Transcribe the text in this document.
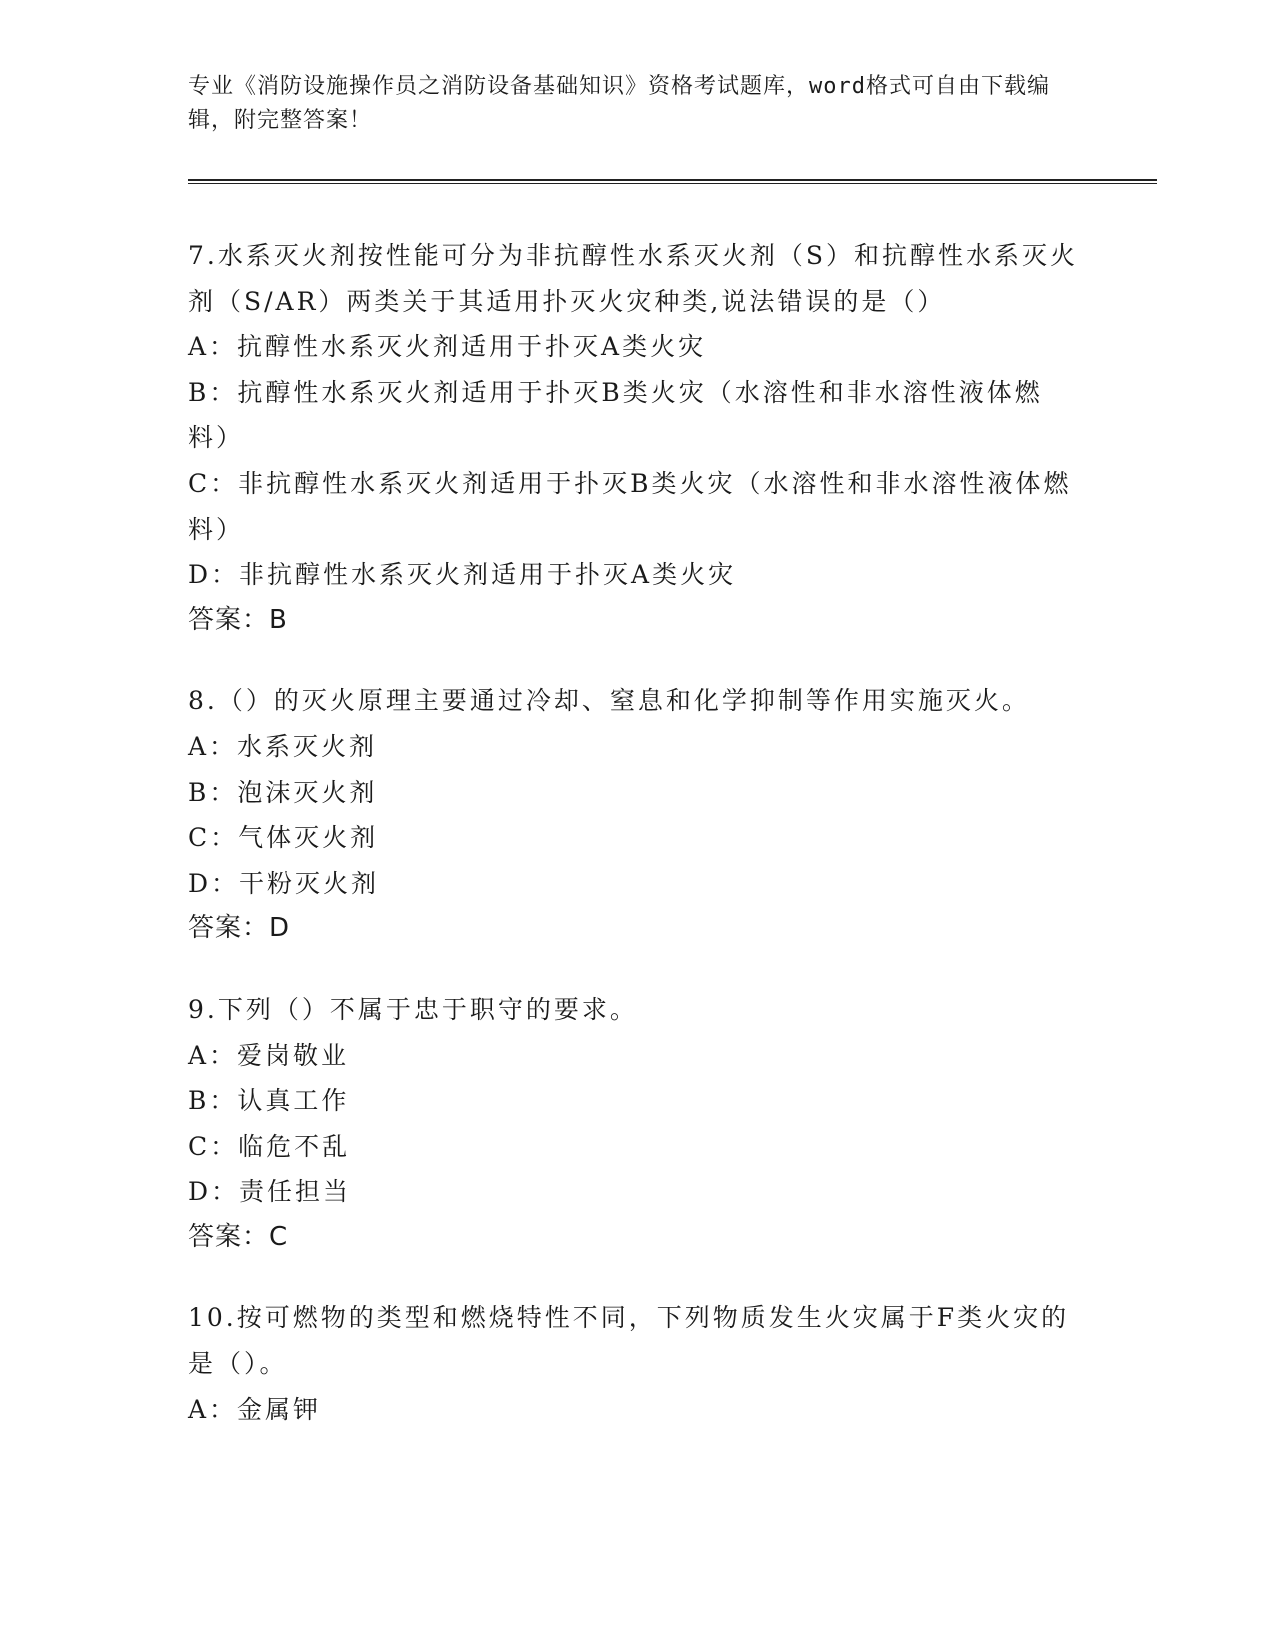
专业《消防设施操作员之消防设备基础知识》资格考试题库，word格式可自由下载编辑，附完整答案！
7.水系灭火剂按性能可分为非抗醇性水系灭火剂（S）和抗醇性水系灭火剂（S/AR）两类关于其适用扑灭火灾种类,说法错误的是（）
A：抗醇性水系灭火剂适用于扑灭A类火灾
B：抗醇性水系灭火剂适用于扑灭B类火灾（水溶性和非水溶性液体燃料）
C：非抗醇性水系灭火剂适用于扑灭B类火灾（水溶性和非水溶性液体燃料）
D：非抗醇性水系灭火剂适用于扑灭A类火灾
答案：B
8.（）的灭火原理主要通过冷却、窒息和化学抑制等作用实施灭火。
A：水系灭火剂
B：泡沫灭火剂
C：气体灭火剂
D：干粉灭火剂
答案：D
9.下列（）不属于忠于职守的要求。
A：爱岗敬业
B：认真工作
C：临危不乱
D：责任担当
答案：C
10.按可燃物的类型和燃烧特性不同，下列物质发生火灾属于F类火灾的是（）。
A：金属钾
